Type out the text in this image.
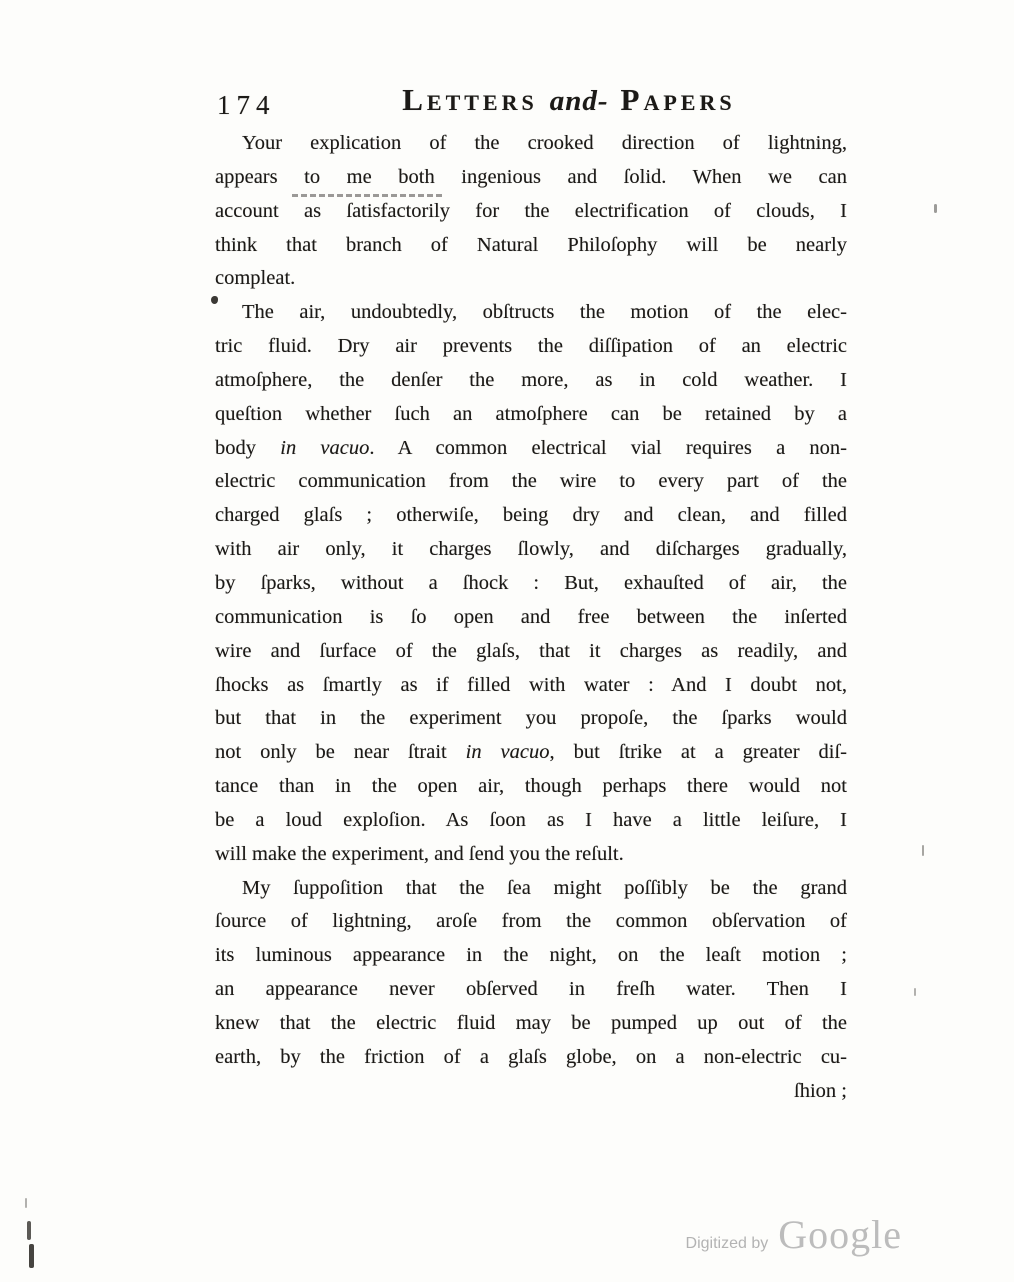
174	Letters and- Papers
Your explication of the crooked direction of lightning,
appears to me both ingenious and ſolid. When we can
account as ſatisfactorily for the electrification of clouds, I
think that branch of Natural Philoſophy will be nearly
compleat.
The air, undoubtedly, obſtructs the motion of the elec-
tric fluid. Dry air prevents the diſſipation of an electric
atmoſphere, the denſer the more, as in cold weather. I
queſtion whether ſuch an atmoſphere can be retained by a
body in vacuo. A common electrical vial requires a non-
electric communication from the wire to every part of the
charged glaſs ; otherwiſe, being dry and clean, and filled
with air only, it charges ſlowly, and diſcharges gradually,
by ſparks, without a ſhock : But, exhauſted of air, the
communication is ſo open and free between the inſerted
wire and ſurface of the glaſs, that it charges as readily, and
ſhocks as ſmartly as if filled with water : And I doubt not,
but that in the experiment you propoſe, the ſparks would
not only be near ſtrait in vacuo, but ſtrike at a greater diſ-
tance than in the open air, though perhaps there would not
be a loud exploſion. As ſoon as I have a little leiſure, I
will make the experiment, and ſend you the reſult.
My ſuppoſition that the ſea might poſſibly be the grand
ſource of lightning, aroſe from the common obſervation of
its luminous appearance in the night, on the leaſt motion ;
an appearance never obſerved in freſh water. Then I
knew that the electric fluid may be pumped up out of the
earth, by the friction of a glaſs globe, on a non-electric cu-
ſhion ;
Digitized by Google
